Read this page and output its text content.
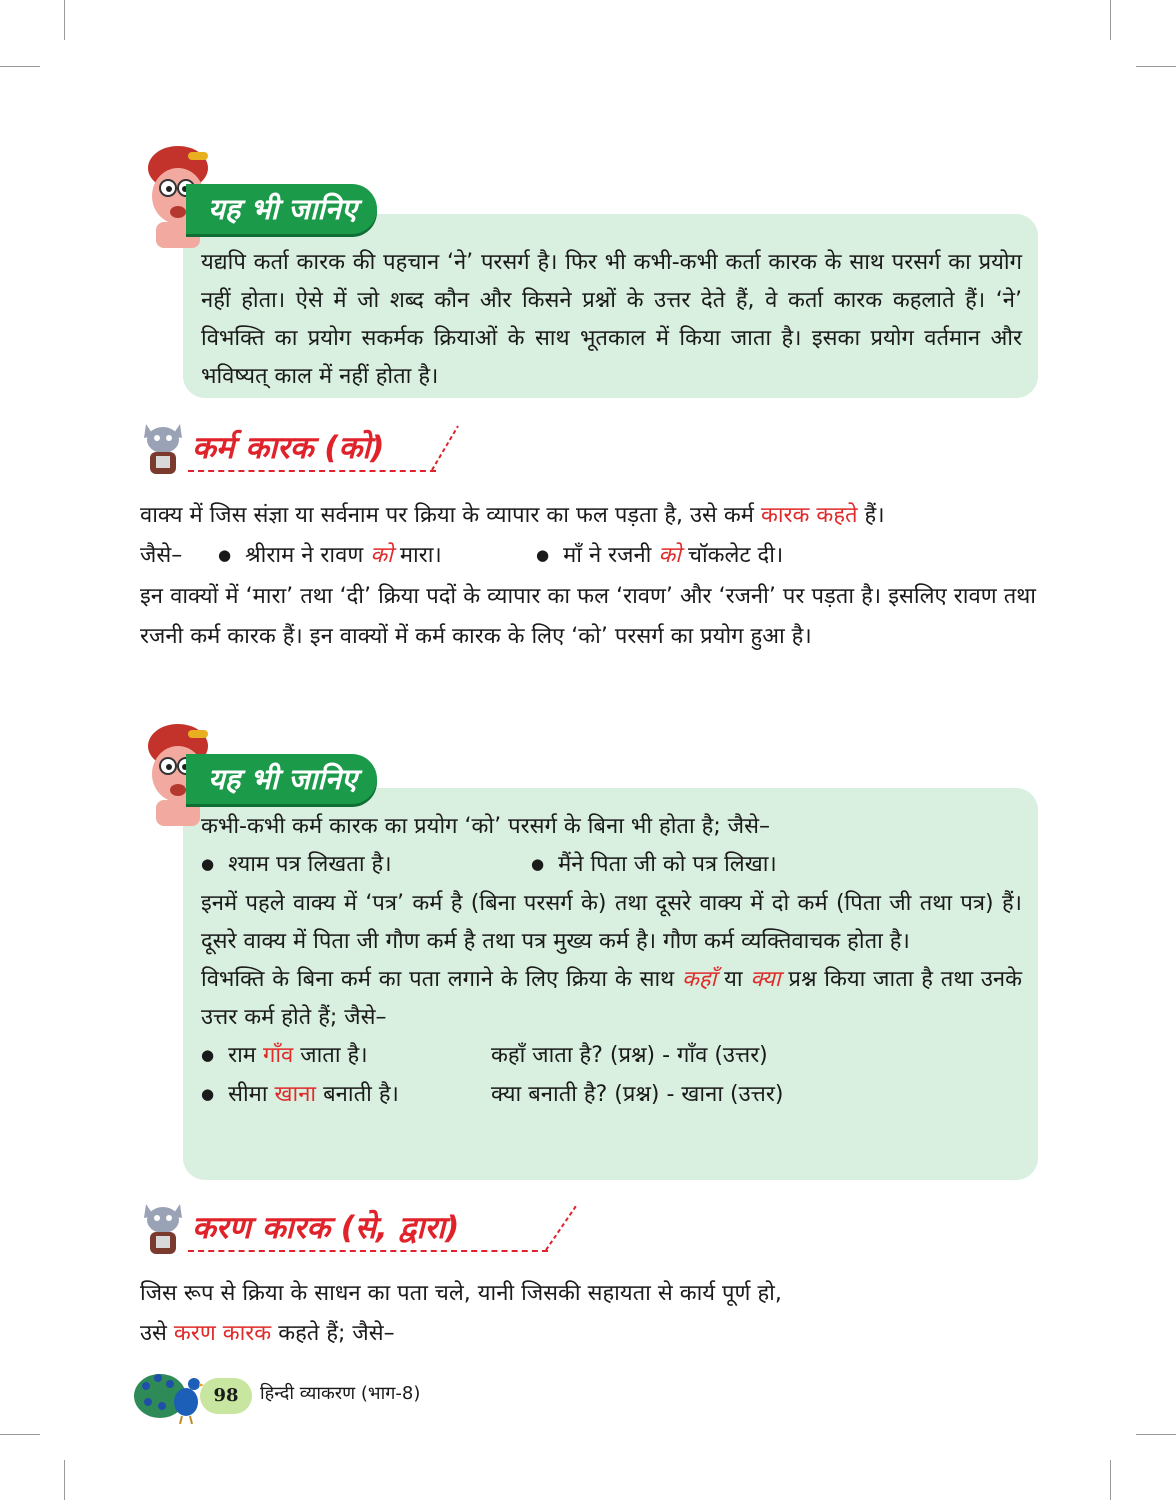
यद्यपि कर्ता कारक की पहचान ‘ने’ परसर्ग है। फिर भी कभी-कभी कर्ता कारक के साथ परसर्ग का प्रयोग नहीं होता। ऐसे में जो शब्द कौन और किसने प्रश्नों के उत्तर देते हैं, वे कर्ता कारक कहलाते हैं। ‘ने’ विभक्ति का प्रयोग सकर्मक क्रियाओं के साथ भूतकाल में किया जाता है। इसका प्रयोग वर्तमान और भविष्यत् काल में नहीं होता है।

यह भी जानिए
कर्म कारक (को)

वाक्य में जिस संज्ञा या सर्वनाम पर क्रिया के व्यापार का फल पड़ता है, उसे कर्म कारक कहते हैं।

जैसे–	● श्रीराम ने रावण को मारा।	● माँ ने रजनी को चॉकलेट दी।

इन वाक्यों में ‘मारा’ तथा ‘दी’ क्रिया पदों के व्यापार का फल ‘रावण’ और ‘रजनी’ पर पड़ता है। इसलिए रावण तथा रजनी कर्म कारक हैं। इन वाक्यों में कर्म कारक के लिए ‘को’ परसर्ग का प्रयोग हुआ है।

कभी-कभी कर्म कारक का प्रयोग ‘को’ परसर्ग के बिना भी होता है; जैसे–

● श्याम पत्र लिखता है।	● मैंने पिता जी को पत्र लिखा।

इनमें पहले वाक्य में ‘पत्र’ कर्म है (बिना परसर्ग के) तथा दूसरे वाक्य में दो कर्म (पिता जी तथा पत्र) हैं। दूसरे वाक्य में पिता जी गौण कर्म है तथा पत्र मुख्य कर्म है। गौण कर्म व्यक्तिवाचक होता है।

विभक्ति के बिना कर्म का पता लगाने के लिए क्रिया के साथ कहाँ या क्या प्रश्न किया जाता है तथा उनके उत्तर कर्म होते हैं; जैसे–

● राम गाँव जाता है।	कहाँ जाता है? (प्रश्न) - गाँव (उत्तर)
● सीमा खाना बनाती है।	क्या बनाती है? (प्रश्न) - खाना (उत्तर)
यह भी जानिए
करण कारक (से, द्वारा)

जिस रूप से क्रिया के साधन का पता चले, यानी जिसकी सहायता से कार्य पूर्ण हो,

उसे करण कारक कहते हैं; जैसे–

98	हिन्दी व्याकरण (भाग-8)
